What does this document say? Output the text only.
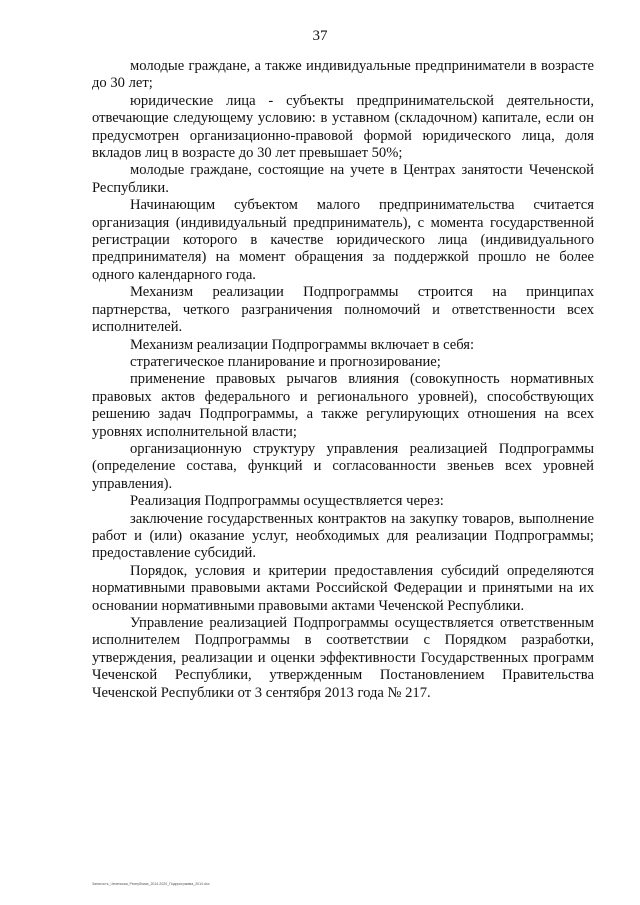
37

молодые граждане, а также индивидуальные предприниматели в возрасте до 30 лет;

юридические лица - субъекты предпринимательской деятельности, отвечающие следующему условию: в уставном (складочном) капитале, если он предусмотрен организационно-правовой формой юридического лица, доля вкладов лиц в возрасте до 30 лет превышает 50%;

молодые граждане, состоящие на учете в Центрах занятости Чеченской Республики.

Начинающим субъектом малого предпринимательства считается организация (индивидуальный предприниматель), с момента государственной регистрации которого в качестве юридического лица (индивидуального предпринимателя) на момент обращения за поддержкой прошло не более одного календарного года.

Механизм реализации Подпрограммы строится на принципах партнерства, четкого разграничения полномочий и ответственности всех исполнителей.

Механизм реализации Подпрограммы включает в себя:

стратегическое планирование и прогнозирование;

применение правовых рычагов влияния (совокупность нормативных правовых актов федерального и регионального уровней), способствующих решению задач Подпрограммы, а также регулирующих отношения на всех уровнях исполнительной власти;

организационную структуру управления реализацией Подпрограммы (определение состава, функций и согласованности звеньев всех уровней управления).

Реализация Подпрограммы осуществляется через:

заключение государственных контрактов на закупку товаров, выполнение работ и (или) оказание услуг, необходимых для реализации Подпрограммы; предоставление субсидий.

Порядок, условия и критерии предоставления субсидий определяются нормативными правовыми актами Российской Федерации и принятыми на их основании нормативными правовыми актами Чеченской Республики.

Управление реализацией Подпрограммы осуществляется ответственным исполнителем Подпрограммы в соответствии с Порядком разработки, утверждения, реализации и оценки эффективности Государственных программ Чеченской Республики, утвержденным Постановлением Правительства Чеченской Республики от 3 сентября 2013 года № 217.

Занятость_Чеченская_Республика_2014-2020_Подпрограмма_2014.doc
